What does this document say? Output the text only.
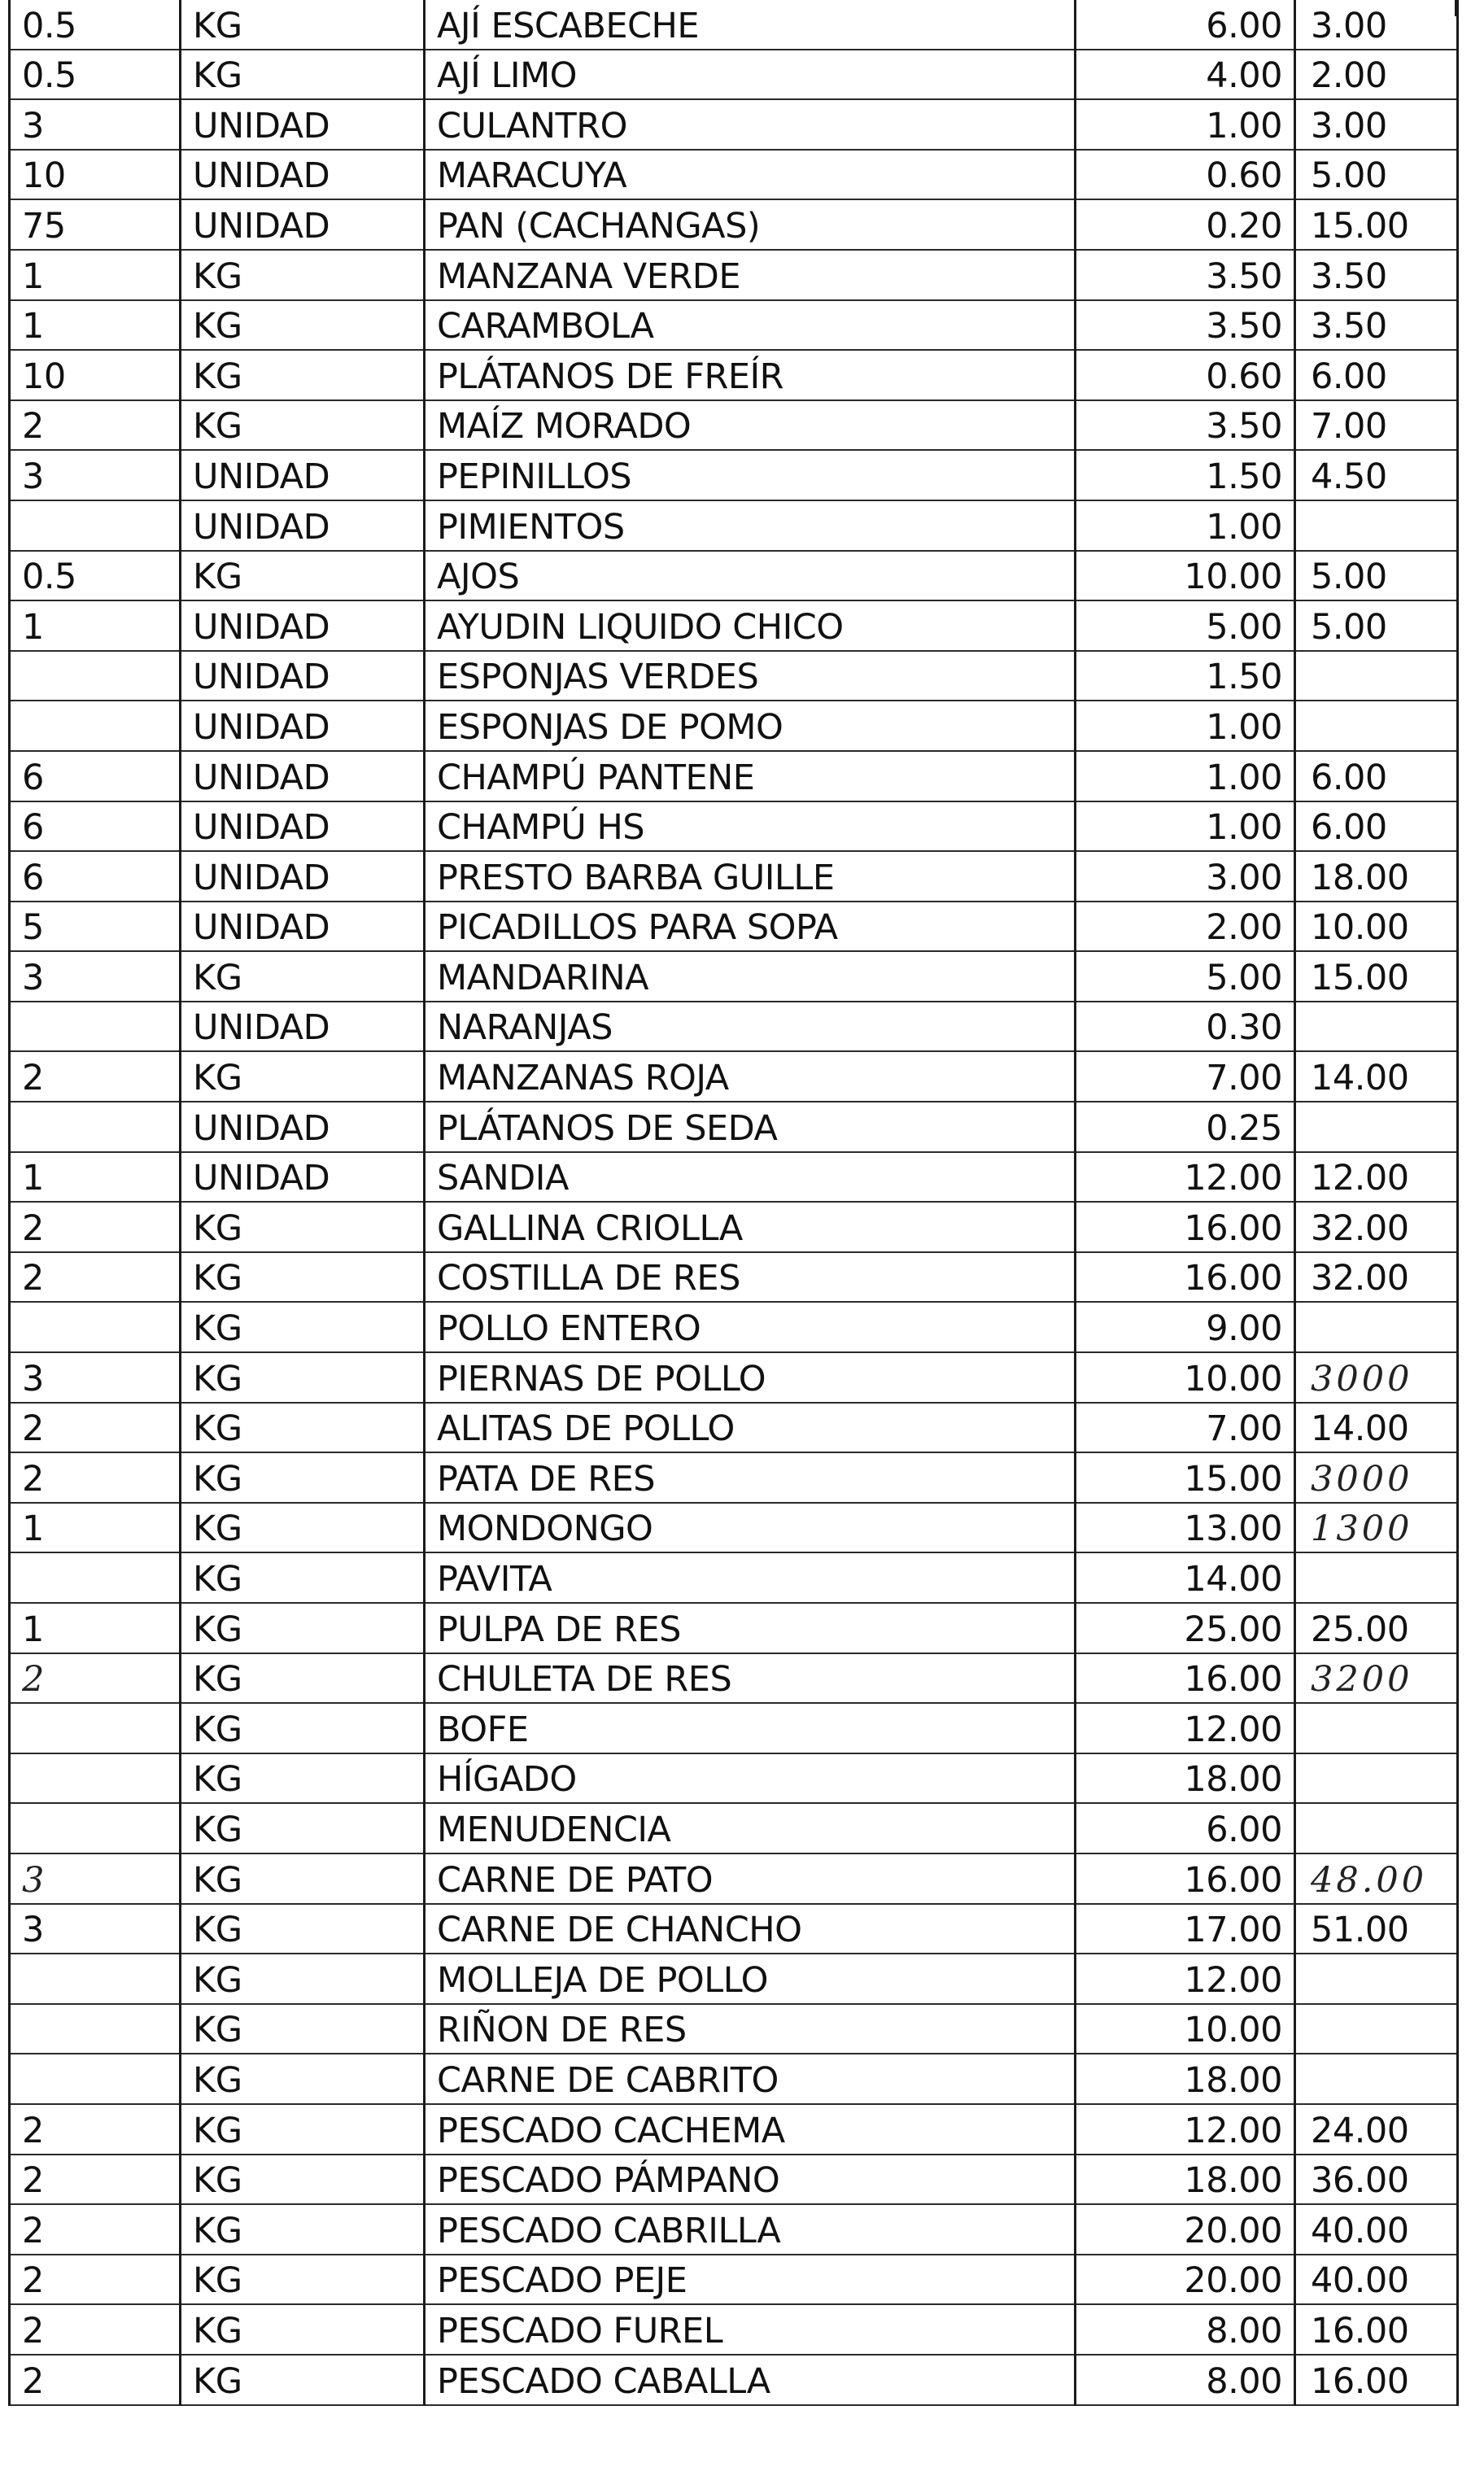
0.5	KG	AJÍ ESCABECHE	6.00	3.00
0.5	KG	AJÍ LIMO	4.00	2.00
3	UNIDAD	CULANTRO	1.00	3.00
10	UNIDAD	MARACUYA	0.60	5.00
75	UNIDAD	PAN (CACHANGAS)	0.20	15.00
1	KG	MANZANA VERDE	3.50	3.50
1	KG	CARAMBOLA	3.50	3.50
10	KG	PLÁTANOS DE FREÍR	0.60	6.00
2	KG	MAÍZ MORADO	3.50	7.00
3	UNIDAD	PEPINILLOS	1.50	4.50
	UNIDAD	PIMIENTOS	1.00	
0.5	KG	AJOS	10.00	5.00
1	UNIDAD	AYUDIN LIQUIDO CHICO	5.00	5.00
	UNIDAD	ESPONJAS VERDES	1.50	
	UNIDAD	ESPONJAS DE POMO	1.00	
6	UNIDAD	CHAMPÚ PANTENE	1.00	6.00
6	UNIDAD	CHAMPÚ HS	1.00	6.00
6	UNIDAD	PRESTO BARBA GUILLE	3.00	18.00
5	UNIDAD	PICADILLOS PARA SOPA	2.00	10.00
3	KG	MANDARINA	5.00	15.00
	UNIDAD	NARANJAS	0.30	
2	KG	MANZANAS ROJA	7.00	14.00
	UNIDAD	PLÁTANOS DE SEDA	0.25	
1	UNIDAD	SANDIA	12.00	12.00
2	KG	GALLINA CRIOLLA	16.00	32.00
2	KG	COSTILLA DE RES	16.00	32.00
	KG	POLLO ENTERO	9.00	
3	KG	PIERNAS DE POLLO	10.00	3000
2	KG	ALITAS DE POLLO	7.00	14.00
2	KG	PATA DE RES	15.00	3000
1	KG	MONDONGO	13.00	1300
	KG	PAVITA	14.00	
1	KG	PULPA DE RES	25.00	25.00
2	KG	CHULETA DE RES	16.00	3200
	KG	BOFE	12.00	
	KG	HÍGADO	18.00	
	KG	MENUDENCIA	6.00	
3	KG	CARNE DE PATO	16.00	48.00
3	KG	CARNE DE CHANCHO	17.00	51.00
	KG	MOLLEJA DE POLLO	12.00	
	KG	RIÑON DE RES	10.00	
	KG	CARNE DE CABRITO	18.00	
2	KG	PESCADO CACHEMA	12.00	24.00
2	KG	PESCADO PÁMPANO	18.00	36.00
2	KG	PESCADO CABRILLA	20.00	40.00
2	KG	PESCADO PEJE	20.00	40.00
2	KG	PESCADO FUREL	8.00	16.00
2	KG	PESCADO CABALLA	8.00	16.00
